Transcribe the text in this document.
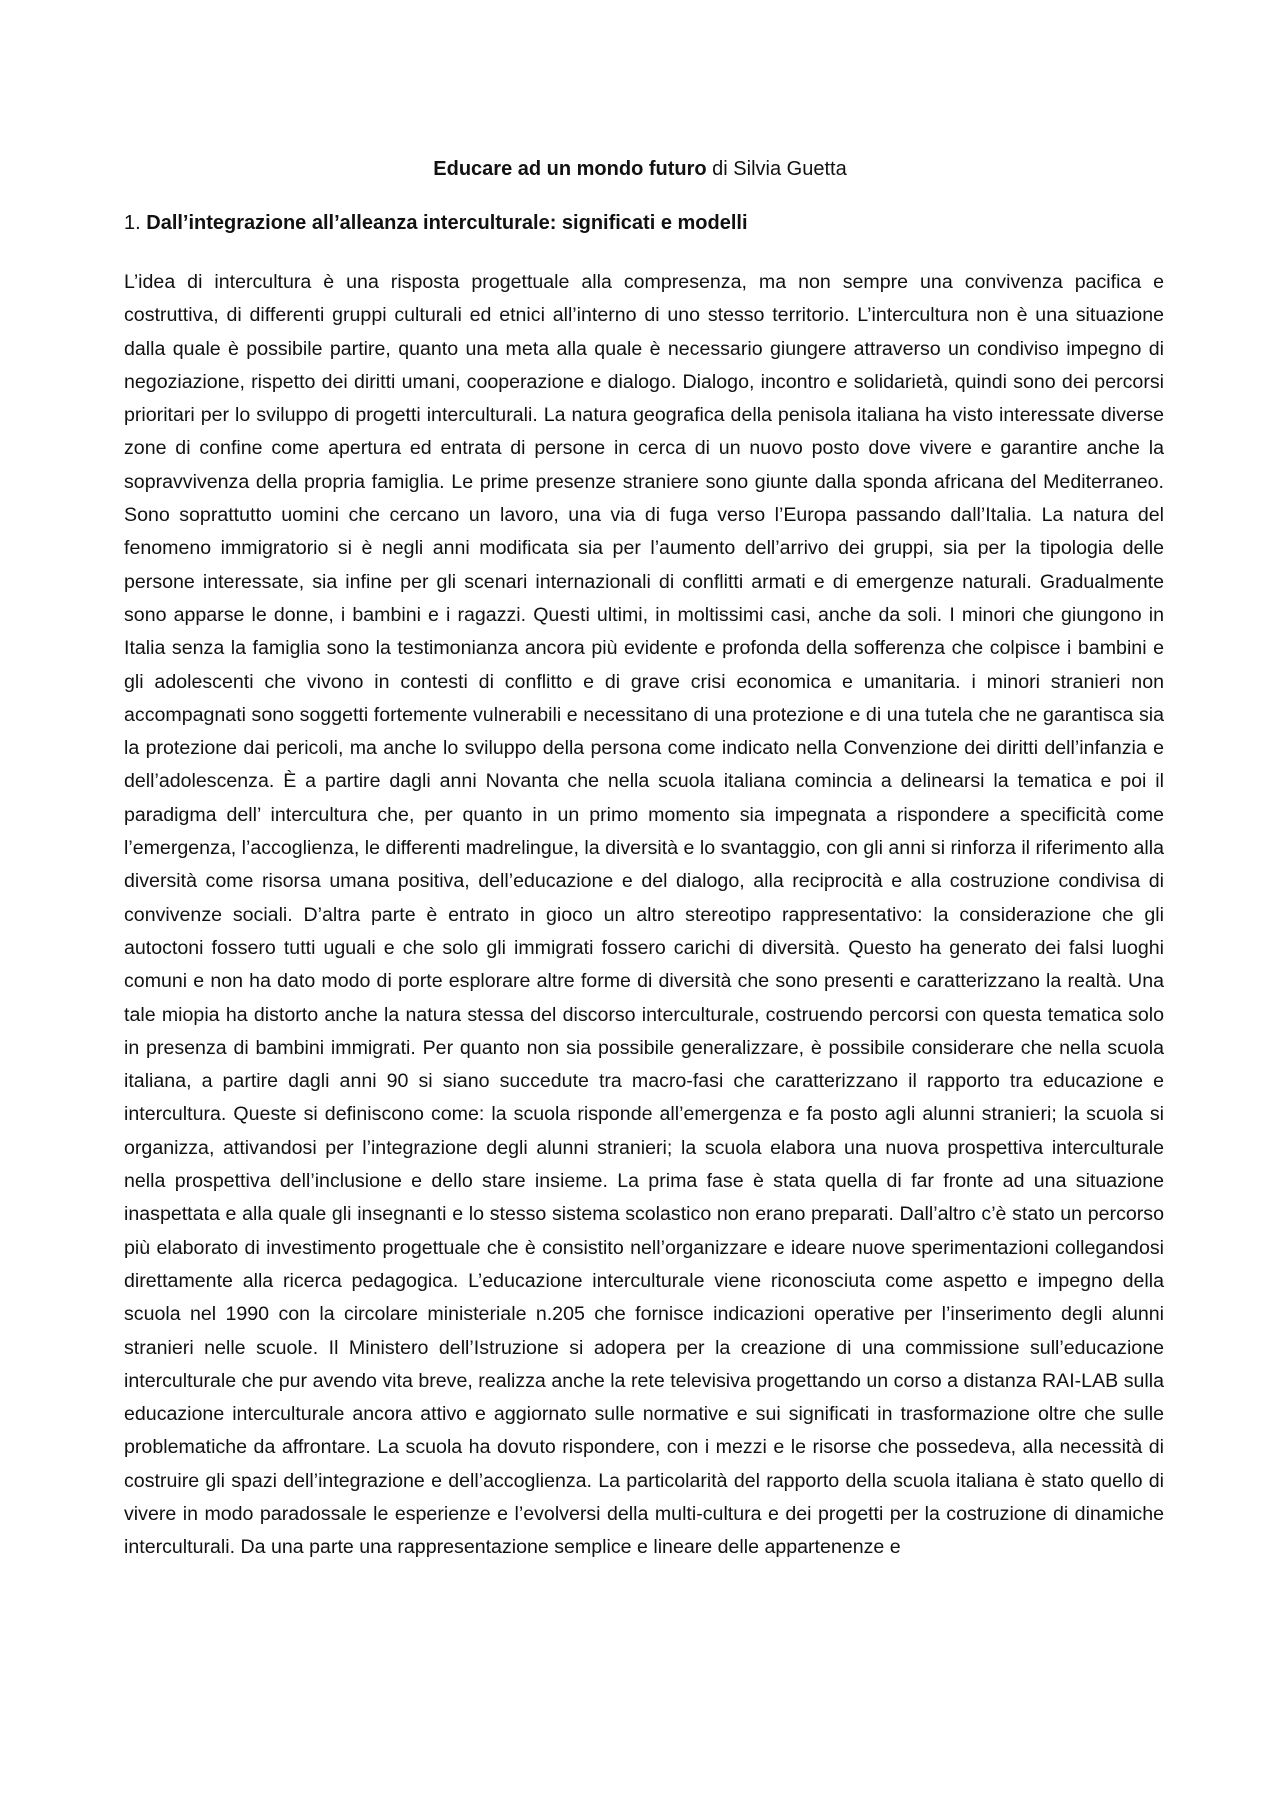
Educare ad un mondo futuro di Silvia Guetta

1. Dall’integrazione all’alleanza interculturale: significati e modelli

L’idea di intercultura è una risposta progettuale alla compresenza, ma non sempre una convivenza pacifica e costruttiva, di differenti gruppi culturali ed etnici all’interno di uno stesso territorio. L’intercultura non è una situazione dalla quale è possibile partire, quanto una meta alla quale è necessario giungere attraverso un condiviso impegno di negoziazione, rispetto dei diritti umani, cooperazione e dialogo. Dialogo, incontro e solidarietà, quindi sono dei percorsi prioritari per lo sviluppo di progetti interculturali. La natura geografica della penisola italiana ha visto interessate diverse zone di confine come apertura ed entrata di persone in cerca di un nuovo posto dove vivere e garantire anche la sopravvivenza della propria famiglia. Le prime presenze straniere sono giunte dalla sponda africana del Mediterraneo. Sono soprattutto uomini che cercano un lavoro, una via di fuga verso l’Europa passando dall’Italia. La natura del fenomeno immigratorio si è negli anni modificata sia per l’aumento dell’arrivo dei gruppi, sia per la tipologia delle persone interessate, sia infine per gli scenari internazionali di conflitti armati e di emergenze naturali. Gradualmente sono apparse le donne, i bambini e i ragazzi. Questi ultimi, in moltissimi casi, anche da soli. I minori che giungono in Italia senza la famiglia sono la testimonianza ancora più evidente e profonda della sofferenza che colpisce i bambini e gli adolescenti che vivono in contesti di conflitto e di grave crisi economica e umanitaria. i minori stranieri non accompagnati sono soggetti fortemente vulnerabili e necessitano di una protezione e di una tutela che ne garantisca sia la protezione dai pericoli, ma anche lo sviluppo della persona come indicato nella Convenzione dei diritti dell’infanzia e dell’adolescenza. È a partire dagli anni Novanta che nella scuola italiana comincia a delinearsi la tematica e poi il paradigma dell’ intercultura che, per quanto in un primo momento sia impegnata a rispondere a specificità come l’emergenza, l’accoglienza, le differenti madrelingue, la diversità e lo svantaggio, con gli anni si rinforza il riferimento alla diversità come risorsa umana positiva, dell’educazione e del dialogo, alla reciprocità e alla costruzione condivisa di convivenze sociali. D’altra parte è entrato in gioco un altro stereotipo rappresentativo: la considerazione che gli autoctoni fossero tutti uguali e che solo gli immigrati fossero carichi di diversità. Questo ha generato dei falsi luoghi comuni e non ha dato modo di porte esplorare altre forme di diversità che sono presenti e caratterizzano la realtà. Una tale miopia ha distorto anche la natura stessa del discorso interculturale, costruendo percorsi con questa tematica solo in presenza di bambini immigrati. Per quanto non sia possibile generalizzare, è possibile considerare che nella scuola italiana, a partire dagli anni 90 si siano succedute tra macro-fasi che caratterizzano il rapporto tra educazione e intercultura. Queste si definiscono come: la scuola risponde all’emergenza e fa posto agli alunni stranieri; la scuola si organizza, attivandosi per l’integrazione degli alunni stranieri; la scuola elabora una nuova prospettiva interculturale nella prospettiva dell’inclusione e dello stare insieme. La prima fase è stata quella di far fronte ad una situazione inaspettata e alla quale gli insegnanti e lo stesso sistema scolastico non erano preparati. Dall’altro c’è stato un percorso più elaborato di investimento progettuale che è consistito nell’organizzare e ideare nuove sperimentazioni collegandosi direttamente alla ricerca pedagogica. L’educazione interculturale viene riconosciuta come aspetto e impegno della scuola nel 1990 con la circolare ministeriale n.205 che fornisce indicazioni operative per l’inserimento degli alunni stranieri nelle scuole. Il Ministero dell’Istruzione si adopera per la creazione di una commissione sull’educazione interculturale che pur avendo vita breve, realizza anche la rete televisiva progettando un corso a distanza RAI-LAB sulla educazione interculturale ancora attivo e aggiornato sulle normative e sui significati in trasformazione oltre che sulle problematiche da affrontare. La scuola ha dovuto rispondere, con i mezzi e le risorse che possedeva, alla necessità di costruire gli spazi dell’integrazione e dell’accoglienza. La particolarità del rapporto della scuola italiana è stato quello di vivere in modo paradossale le esperienze e l’evolversi della multi-cultura e dei progetti per la costruzione di dinamiche interculturali. Da una parte una rappresentazione semplice e lineare delle appartenenze e
